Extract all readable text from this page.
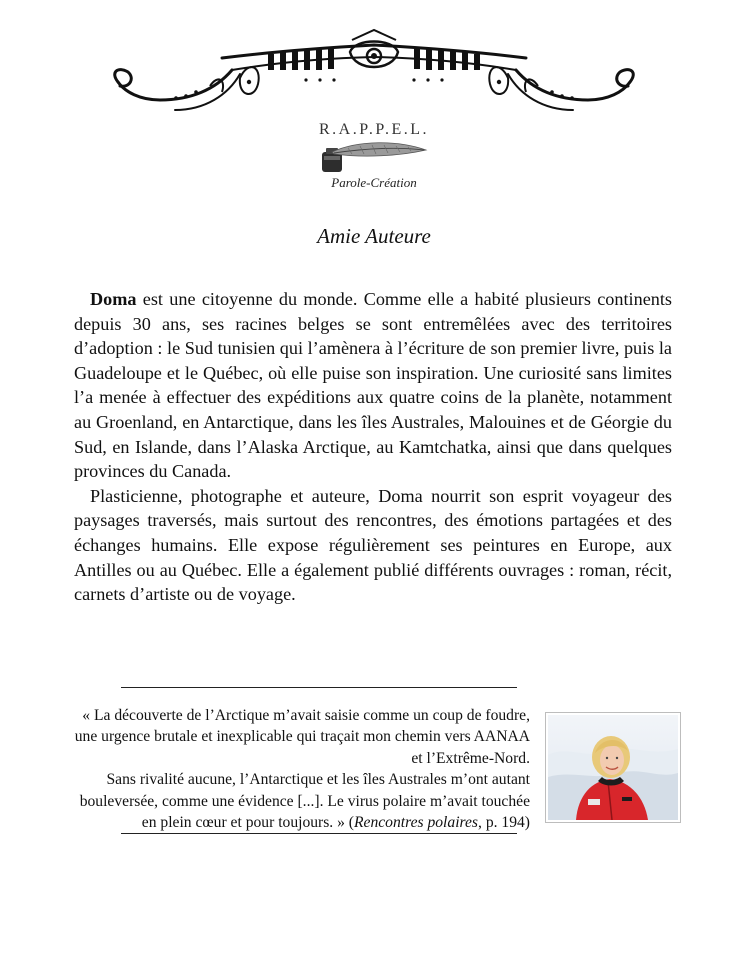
R.A.P.P.E.L.
Parole-Création
Amie Auteure

Doma est une citoyenne du monde. Comme elle a habité plusieurs continents depuis 30 ans, ses racines belges se sont entremêlées avec des territoires d’adoption : le Sud tunisien qui l’amènera à l’écriture de son premier livre, puis la Guadeloupe et le Québec, où elle puise son inspiration. Une curiosité sans limites l’a menée à effectuer des expéditions aux quatre coins de la planète, notamment au Groenland, en Antarctique, dans les îles Australes, Malouines et de Géorgie du Sud, en Islande, dans l’Alaska Arctique, au Kamtchatka, ainsi que dans quelques provinces du Canada.

Plasticienne, photographe et auteure, Doma nourrit son esprit voyageur des paysages traversés, mais surtout des rencontres, des émotions partagées et des échanges humains. Elle expose régulièrement ses peintures en Europe, aux Antilles ou au Québec. Elle a également publié différents ouvrages : roman, récit, carnets d’artiste ou de voyage.

« La découverte de l’Arctique m’avait saisie comme un coup de foudre, une urgence brutale et inexplicable qui traçait mon chemin vers AANAA et l’Extrême-Nord.

Sans rivalité aucune, l’Antarctique et les îles Australes m’ont autant bouleversée, comme une évidence [...]. Le virus polaire m’avait touchée en plein cœur et pour toujours. » (Rencontres polaires, p. 194)
